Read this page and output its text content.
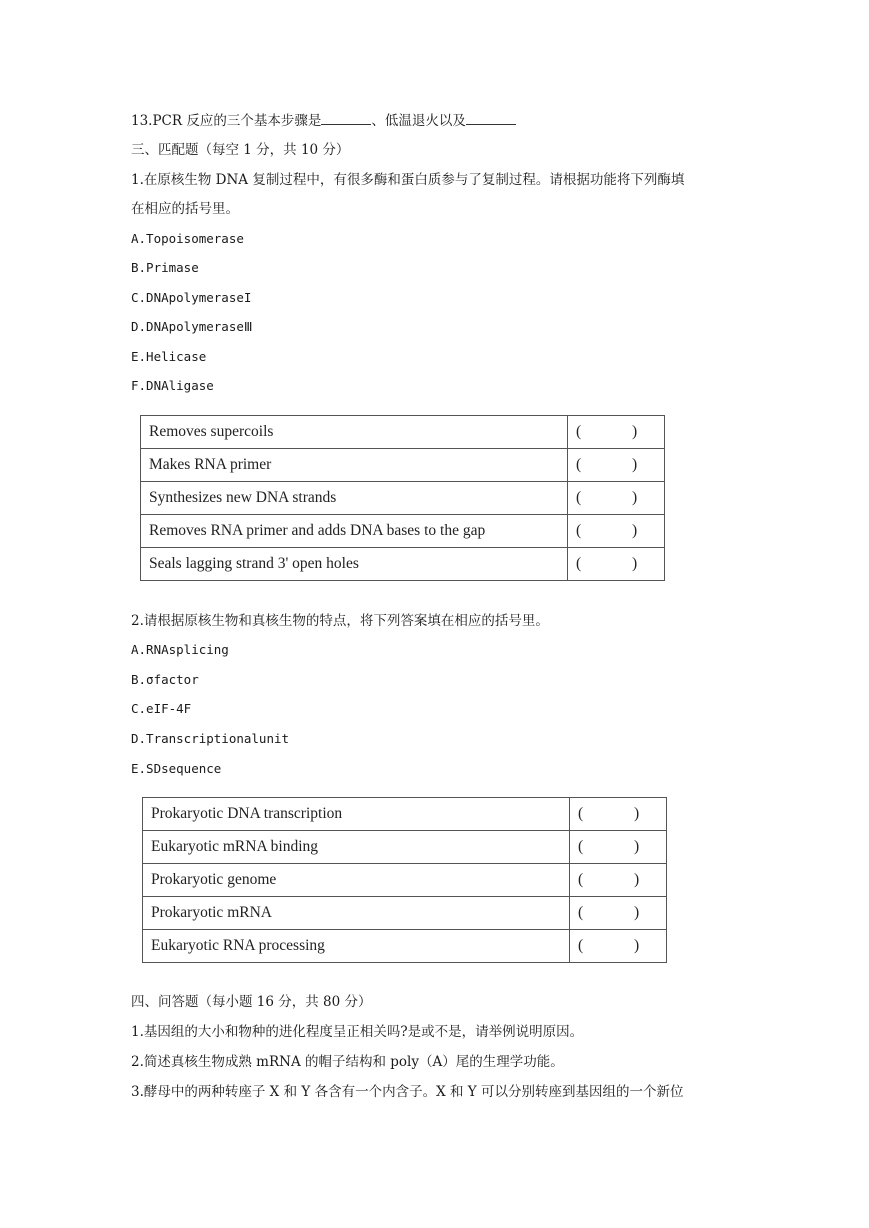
13.PCR 反应的三个基本步骤是	、低温退火以及
三、匹配题（每空 1 分，共 10 分）
1.在原核生物 DNA 复制过程中，有很多酶和蛋白质参与了复制过程。请根据功能将下列酶填
在相应的括号里。
A.Topoisomerase
B.Primase
C.DNApolymeraseI
D.DNApolymeraseⅢ
E.Helicase
F.DNAligase
Removes supercoils	( )
Makes RNA primer	( )
Synthesizes new DNA strands	( )
Removes RNA primer and adds DNA bases to the gap	( )
Seals lagging strand 3' open holes	( )
2.请根据原核生物和真核生物的特点，将下列答案填在相应的括号里。
A.RNAsplicing
B.σfactor
C.eIF-4F
D.Transcriptionalunit
E.SDsequence
Prokaryotic DNA transcription	( )
Eukaryotic mRNA binding	( )
Prokaryotic genome	( )
Prokaryotic mRNA	( )
Eukaryotic RNA processing	( )
四、问答题（每小题 16 分，共 80 分）
1.基因组的大小和物种的进化程度呈正相关吗?是或不是，请举例说明原因。
2.简述真核生物成熟 mRNA 的帽子结构和 poly（A）尾的生理学功能。
3.酵母中的两种转座子 X 和 Y 各含有一个内含子。X 和 Y 可以分别转座到基因组的一个新位
